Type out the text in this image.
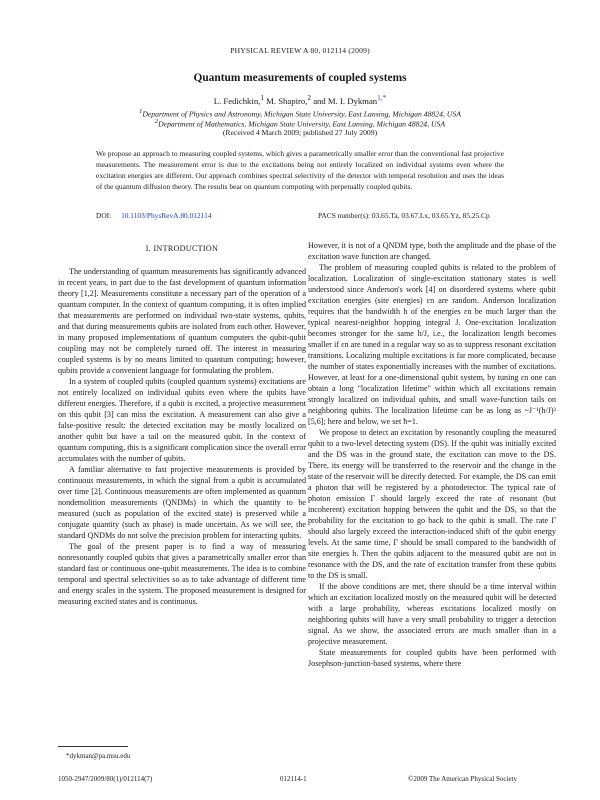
PHYSICAL REVIEW A 80, 012114 (2009)
Quantum measurements of coupled systems
L. Fedichkin,$^1$ M. Shapiro,$^2$ and M. I. Dykman$^{1,*}$
$^1$Department of Physics and Astronomy, Michigan State University, East Lansing, Michigan 48824, USA
$^2$Department of Mathematics, Michigan State University, East Lansing, Michigan 48824, USA
(Received 4 March 2009; published 27 July 2009)
We propose an approach to measuring coupled systems, which gives a parametrically smaller error than the conventional fast projective measurements. The measurement error is due to the excitations being not entirely localized on individual systems even where the excitation energies are different. Our approach combines spectral selectivity of the detector with temporal resolution and uses the ideas of the quantum diffusion theory. The results bear on quantum computing with perpetually coupled qubits.
DOI: 10.1103/PhysRevA.80.012114	PACS number(s): 03.65.Ta, 03.67.Lx, 03.65.Yz, 85.25.Cp
I. INTRODUCTION

The understanding of quantum measurements has significantly advanced in recent years, in part due to the fast development of quantum information theory [1,2]. Measurements constitute a necessary part of the operation of a quantum computer. In the context of quantum computing, it is often implied that measurements are performed on individual two-state systems, qubits, and that during measurements qubits are isolated from each other. However, in many proposed implementations of quantum computers the qubit-qubit coupling may not be completely turned off. The interest in measuring coupled systems is by no means limited to quantum computing; however, qubits provide a convenient language for formulating the problem.

In a system of coupled qubits (coupled quantum systems) excitations are not entirely localized on individual qubits even where the qubits have different energies. Therefore, if a qubit is excited, a projective measurement on this qubit [3] can miss the excitation. A measurement can also give a false-positive result: the detected excitation may be mostly localized on another qubit but have a tail on the measured qubit. In the context of quantum computing, this is a significant complication since the overall error accumulates with the number of qubits.

A familiar alternative to fast projective measurements is provided by continuous measurements, in which the signal from a qubit is accumulated over time [2]. Continuous measurements are often implemented as quantum nondemolition measurements (QNDMs) in which the quantity to be measured (such as population of the excited state) is preserved while a conjugate quantity (such as phase) is made uncertain. As we will see, the standard QNDMs do not solve the precision problem for interacting qubits.

The goal of the present paper is to find a way of measuring nonresonantly coupled qubits that gives a parametrically smaller error than standard fast or continuous one-qubit measurements. The idea is to combine temporal and spectral selectivities so as to take advantage of different time and energy scales in the system. The proposed measurement is designed for measuring excited states and is continuous.

However, it is not of a QNDM type, both the amplitude and the phase of the excitation wave function are changed.

The problem of measuring coupled qubits is related to the problem of localization. Localization of single-excitation stationary states is well understood since Anderson's work [4] on disordered systems where qubit excitation energies (site energies) εn are random. Anderson localization requires that the bandwidth h of the energies εn be much larger than the typical nearest-neighbor hopping integral J. One-excitation localization becomes stronger for the same h/J, i.e., the localization length becomes smaller if εn are tuned in a regular way so as to suppress resonant excitation transitions. Localizing multiple excitations is far more complicated, because the number of states exponentially increases with the number of excitations. However, at least for a one-dimensional qubit system, by tuning εn one can obtain a long "localization lifetime" within which all excitations remain strongly localized on individual qubits, and small wave-function tails on neighboring qubits. The localization lifetime can be as long as ~J⁻¹(h/J)³ [5,6]; here and below, we set ħ=1.

We propose to detect an excitation by resonantly coupling the measured qubit to a two-level detecting system (DS). If the qubit was initially excited and the DS was in the ground state, the excitation can move to the DS. There, its energy will be transferred to the reservoir and the change in the state of the reservoir will be directly detected. For example, the DS can emit a photon that will be registered by a photodetector. The typical rate of photon emission Γ should largely exceed the rate of resonant (but incoherent) excitation hopping between the qubit and the DS, so that the probability for the excitation to go back to the qubit is small. The rate Γ should also largely exceed the interaction-induced shift of the qubit energy levels. At the same time, Γ should be small compared to the bandwidth of site energies h. Then the qubits adjacent to the measured qubit are not in resonance with the DS, and the rate of excitation transfer from these qubits to the DS is small.

If the above conditions are met, there should be a time interval within which an excitation localized mostly on the measured qubit will be detected with a large probability, whereas excitations localized mostly on neighboring qubits will have a very small probability to trigger a detection signal. As we show, the associated errors are much smaller than in a projective measurement.

State measurements for coupled qubits have been performed with Josephson-junction-based systems, where there

*dykman@pa.msu.edu
1050-2947/2009/80(1)/012114(7)	012114-1	©2009 The American Physical Society
